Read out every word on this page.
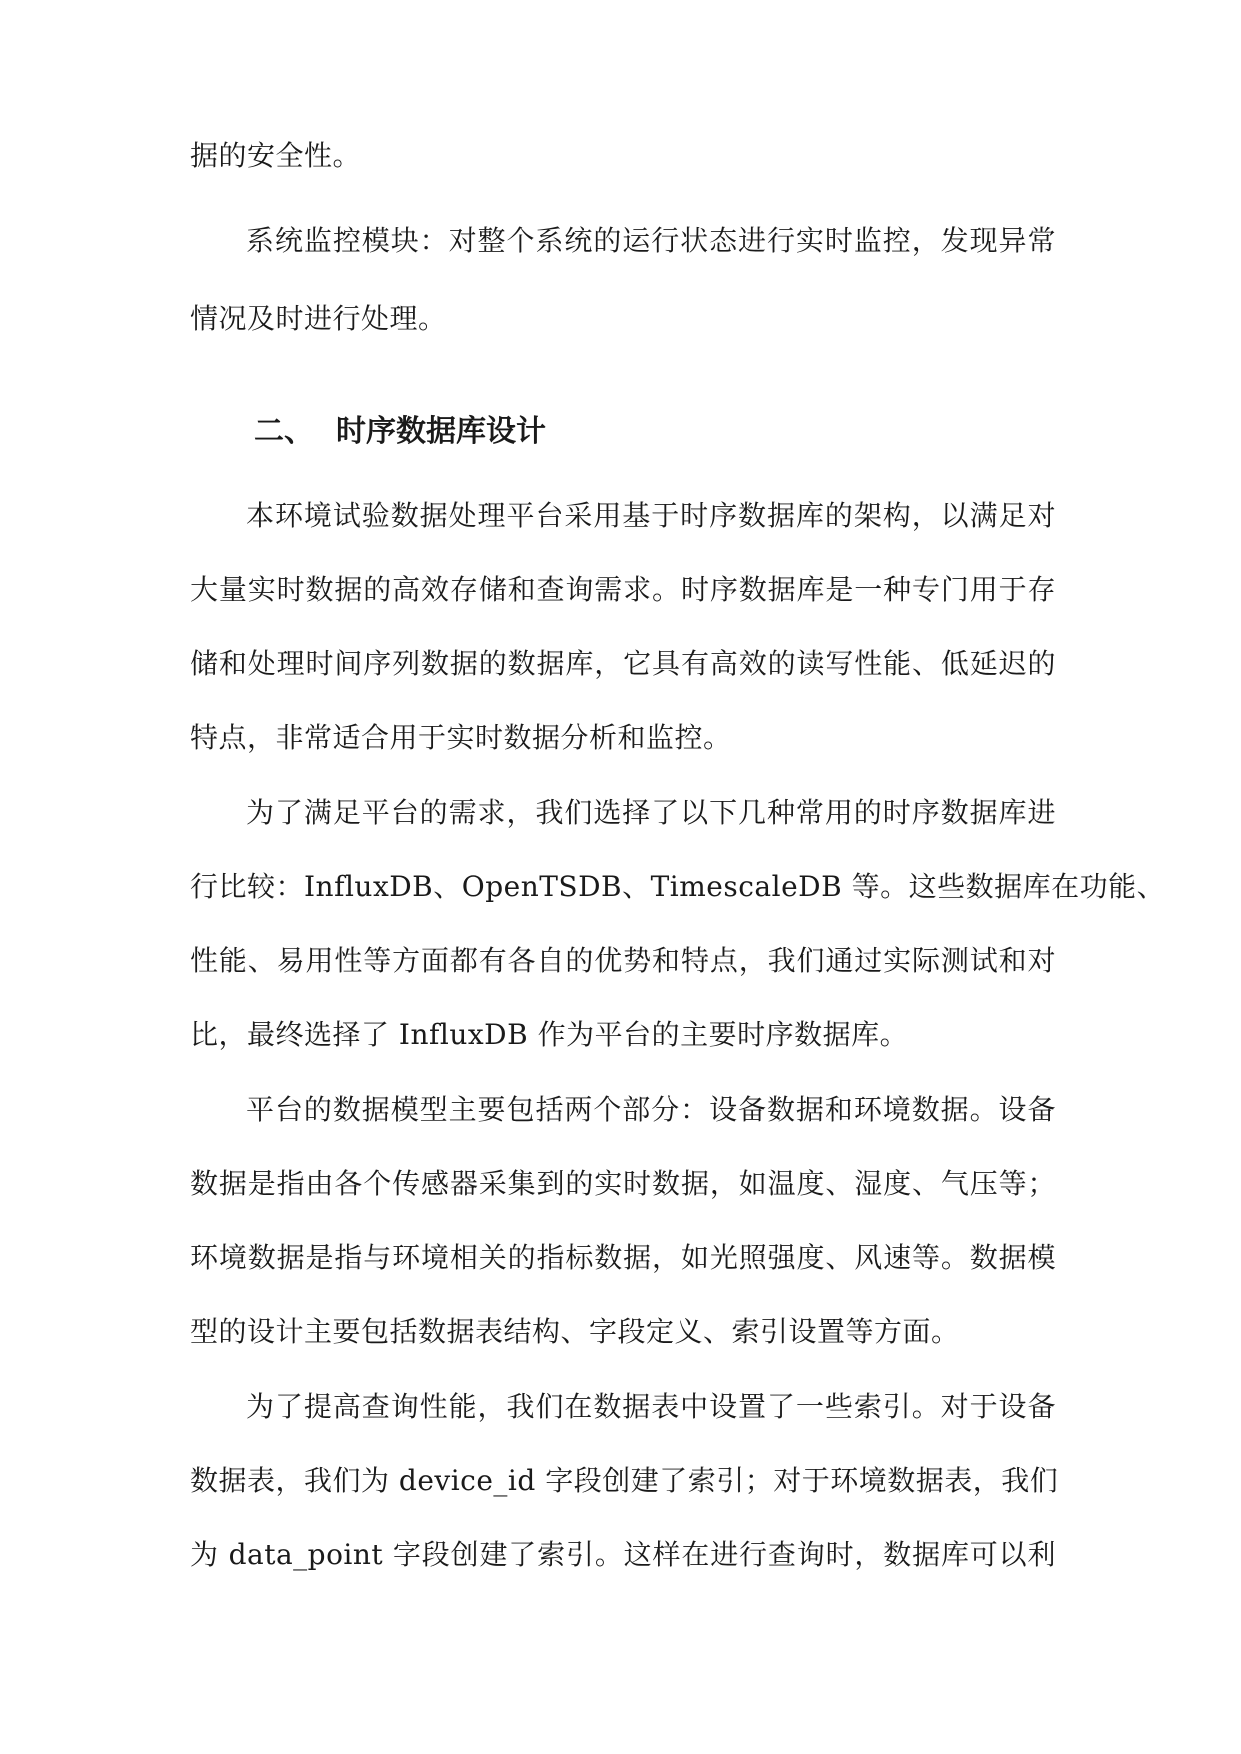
据的安全性。
系统监控模块：对整个系统的运行状态进行实时监控，发现异常
情况及时进行处理。
二、 时序数据库设计
本环境试验数据处理平台采用基于时序数据库的架构，以满足对
大量实时数据的高效存储和查询需求。时序数据库是一种专门用于存
储和处理时间序列数据的数据库，它具有高效的读写性能、低延迟的
特点，非常适合用于实时数据分析和监控。
为了满足平台的需求，我们选择了以下几种常用的时序数据库进
行比较：InfluxDB、OpenTSDB、TimescaleDB 等。这些数据库在功能、
性能、易用性等方面都有各自的优势和特点，我们通过实际测试和对
比，最终选择了 InfluxDB 作为平台的主要时序数据库。
平台的数据模型主要包括两个部分：设备数据和环境数据。设备
数据是指由各个传感器采集到的实时数据，如温度、湿度、气压等；
环境数据是指与环境相关的指标数据，如光照强度、风速等。数据模
型的设计主要包括数据表结构、字段定义、索引设置等方面。
为了提高查询性能，我们在数据表中设置了一些索引。对于设备
数据表，我们为 device_id 字段创建了索引；对于环境数据表，我们
为 data_point 字段创建了索引。这样在进行查询时，数据库可以利
